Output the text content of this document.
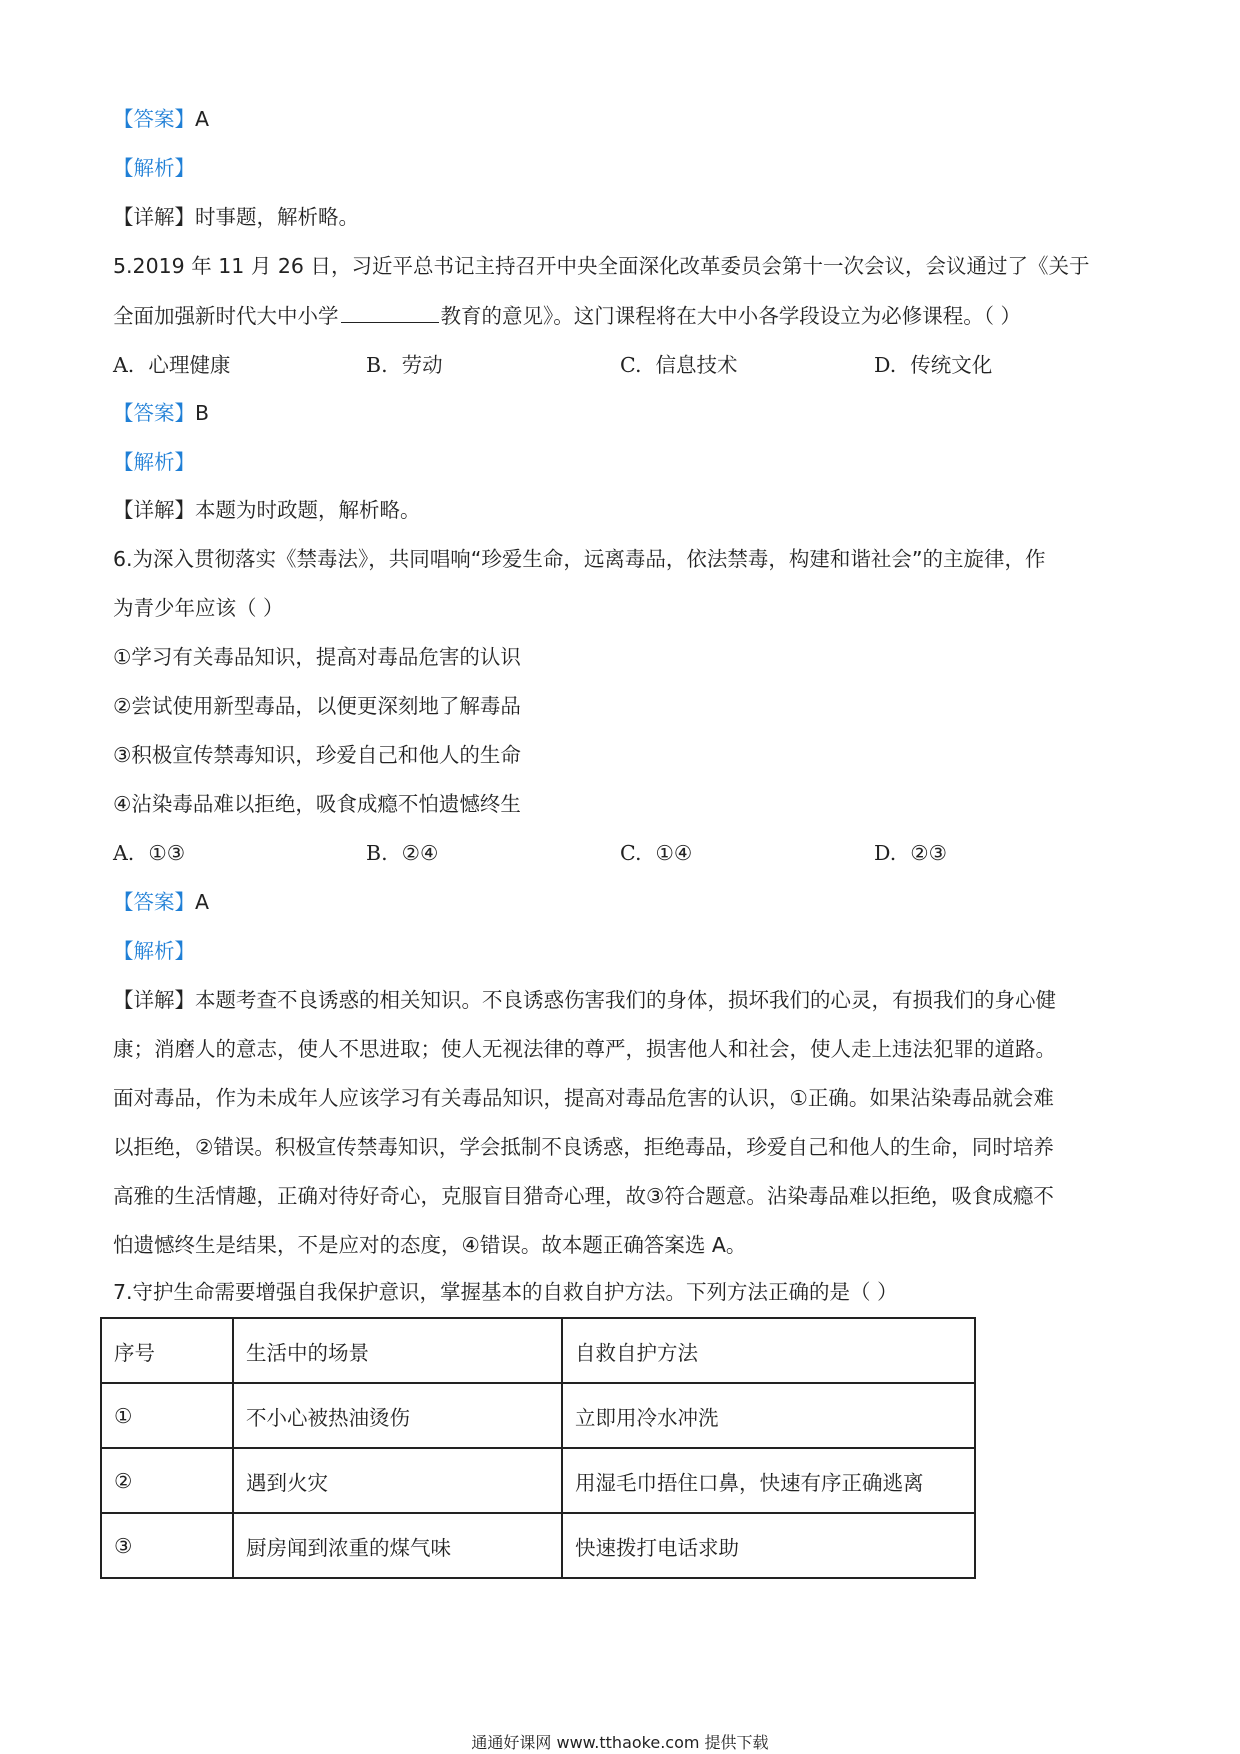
【答案】A
【解析】
【详解】时事题，解析略。
5.2019 年 11 月 26 日，习近平总书记主持召开中央全面深化改革委员会第十一次会议，会议通过了《关于
全面加强新时代大中小学	教育的意见》。这门课程将在大中小各学段设立为必修课程。（ ）
A. 心理健康	B. 劳动	C. 信息技术	D. 传统文化
【答案】B
【解析】
【详解】本题为时政题，解析略。
6.为深入贯彻落实《禁毒法》，共同唱响“珍爱生命，远离毒品，依法禁毒，构建和谐社会”的主旋律，作
为青少年应该（ ）
①学习有关毒品知识，提高对毒品危害的认识
②尝试使用新型毒品，以便更深刻地了解毒品
③积极宣传禁毒知识，珍爱自己和他人的生命
④沾染毒品难以拒绝，吸食成瘾不怕遗憾终生
A. ①③	B. ②④	C. ①④	D. ②③
【答案】A
【解析】
【详解】本题考查不良诱惑的相关知识。不良诱惑伤害我们的身体，损坏我们的心灵，有损我们的身心健
康；消磨人的意志，使人不思进取；使人无视法律的尊严，损害他人和社会，使人走上违法犯罪的道路。
面对毒品，作为未成年人应该学习有关毒品知识，提高对毒品危害的认识，①正确。如果沾染毒品就会难
以拒绝，②错误。积极宣传禁毒知识，学会抵制不良诱惑，拒绝毒品，珍爱自己和他人的生命，同时培养
高雅的生活情趣，正确对待好奇心，克服盲目猎奇心理，故③符合题意。沾染毒品难以拒绝，吸食成瘾不
怕遗憾终生是结果，不是应对的态度，④错误。故本题正确答案选 A。
7.守护生命需要增强自我保护意识，掌握基本的自救自护方法。下列方法正确的是（ ）
序号	生活中的场景	自救自护方法
①	不小心被热油烫伤	立即用冷水冲洗
②	遇到火灾	用湿毛巾捂住口鼻，快速有序正确逃离
③	厨房闻到浓重的煤气味	快速拨打电话求助
通通好课网 www.tthaoke.com 提供下载
